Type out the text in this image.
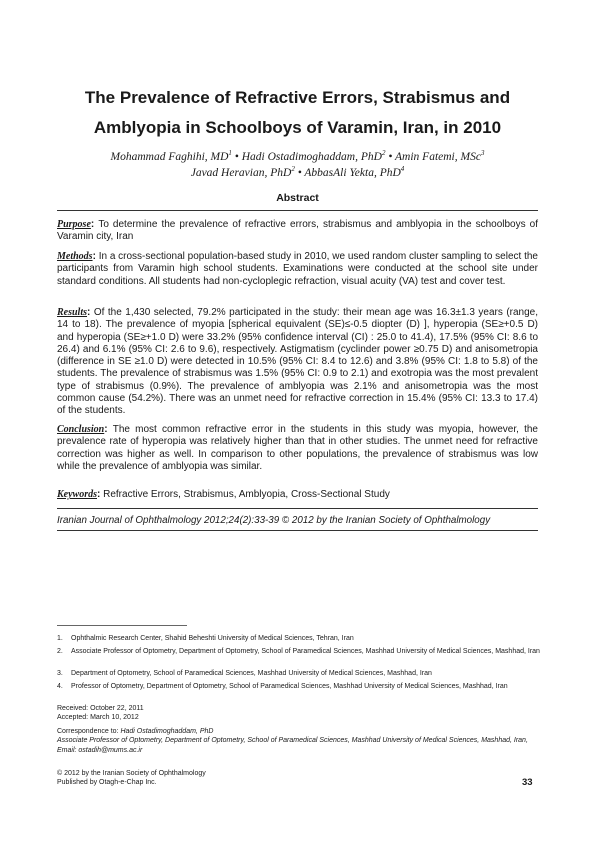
The Prevalence of Refractive Errors, Strabismus and
Amblyopia in Schoolboys of Varamin, Iran, in 2010
Mohammad Faghihi, $MD^1$ • Hadi Ostadimoghaddam, PhD$^2$ • Amin Fatemi, MSc$^3$
Javad Heravian, PhD$^2$ • AbbasAli Yekta, PhD$^4$
Abstract
Purpose: To determine the prevalence of refractive errors, strabismus and amblyopia in the schoolboys of Varamin city, Iran
Methods: In a cross-sectional population-based study in 2010, we used random cluster sampling to select the participants from Varamin high school students. Examinations were conducted at the school site under standard conditions. All students had non-cycloplegic refraction, visual acuity (VA) test and cover test.
Results: Of the 1,430 selected, 79.2% participated in the study: their mean age was 16.3±1.3 years (range, 14 to 18). The prevalence of myopia [spherical equivalent (SE)≤-0.5 diopter (D) ], hyperopia (SE≥+0.5 D) and hyperopia (SE≥+1.0 D) were 33.2% (95% confidence interval (CI) : 25.0 to 41.4), 17.5% (95% CI: 8.6 to 26.4) and 6.1% (95% CI: 2.6 to 9.6), respectively. Astigmatism (cyclinder power ≥0.75 D) and anisometropia (difference in SE ≥1.0 D) were detected in 10.5% (95% CI: 8.4 to 12.6) and 3.8% (95% CI: 1.8 to 5.8) of the students. The prevalence of strabismus was 1.5% (95% CI: 0.9 to 2.1) and exotropia was the most prevalent type of strabismus (0.9%). The prevalence of amblyopia was 2.1% and anisometropia was the most common cause (54.2%). There was an unmet need for refractive correction in 15.4% (95% CI: 13.3 to 17.4) of the students.
Conclusion: The most common refractive error in the students in this study was myopia, however, the prevalence rate of hyperopia was relatively higher than that in other studies. The unmet need for refractive correction was higher as well. In comparison to other populations, the prevalence of strabismus was low while the prevalence of amblyopia was similar.
Keywords: Refractive Errors, Strabismus, Amblyopia, Cross-Sectional Study
Iranian Journal of Ophthalmology 2012;24(2):33-39 © 2012 by the Iranian Society of Ophthalmology
1.	Ophthalmic Research Center, Shahid Beheshti University of Medical Sciences, Tehran, Iran
2.	Associate Professor of Optometry, Department of Optometry, School of Paramedical Sciences, Mashhad University of Medical Sciences, Mashhad, Iran
3.	Department of Optometry, School of Paramedical Sciences, Mashhad University of Medical Sciences, Mashhad, Iran
4.	Professor of Optometry, Department of Optometry, School of Paramedical Sciences, Mashhad University of Medical Sciences, Mashhad, Iran
Received: October 22, 2011
Accepted: March 10, 2012
Correspondence to: Hadi Ostadimoghaddam, PhD
Associate Professor of Optometry, Department of Optometry, School of Paramedical Sciences, Mashhad University of Medical Sciences, Mashhad, Iran, Email: ostadih@mums.ac.ir
© 2012 by the Iranian Society of Ophthalmology
Published by Otagh-e-Chap Inc.	33
